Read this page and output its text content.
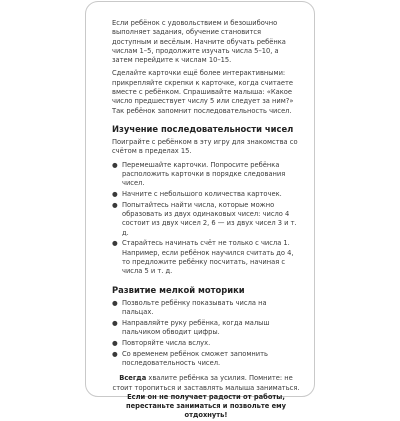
Если ребёнок с удовольствием и безошибочно выполняет задания, обучение становится доступным и весёлым. Начните обучать ребёнка числам 1–5, продолжите изучать числа 5–10, а затем перейдите к числам 10–15.

Сделайте карточки ещё более интерактивными: прикрепляйте скрепки к карточке, когда считаете вместе с ребёнком. Спрашивайте малыша: «Какое число предшествует числу 5 или следует за ним?» Так ребёнок запомнит последовательность чисел.

Изучение последовательности чисел

Поиграйте с ребёнком в эту игру для знакомства со счётом в пределах 15.

● Перемешайте карточки. Попросите ребёнка расположить карточки в порядке следования чисел.
● Начните с небольшого количества карточек.
● Попытайтесь найти числа, которые можно образовать из двух одинаковых чисел: число 4 состоит из двух чисел 2, 6 — из двух чисел 3 и т. д.
● Старайтесь начинать счёт не только с числа 1. Например, если ребёнок научился считать до 4, то предложите ребёнку посчитать, начиная с числа 5 и т. д.
Развитие мелкой моторики
● Позвольте ребёнку показывать числа на пальцах.
● Направляйте руку ребёнка, когда малыш пальчиком обводит цифры.
● Повторяйте числа вслух.
● Со временем ребёнок сможет запомнить последовательность чисел.
Всегда хвалите ребёнка за усилия. Помните: не стоит торопиться и заставлять малыша заниматься.
Если он не получает радости от работы, перестаньте заниматься и позвольте ему отдохнуть!
